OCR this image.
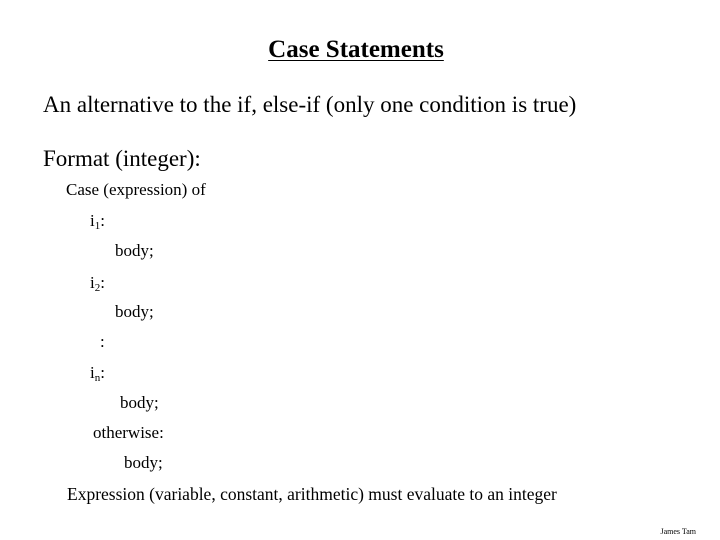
Case Statements
An alternative to the if, else-if (only one condition is true)
Format (integer):
Case (expression) of
$i_1$:
body;
$i_2$:
body;
:
$i_n$:
body;
otherwise:
body;
Expression (variable, constant, arithmetic) must evaluate to an integer
James Tam
